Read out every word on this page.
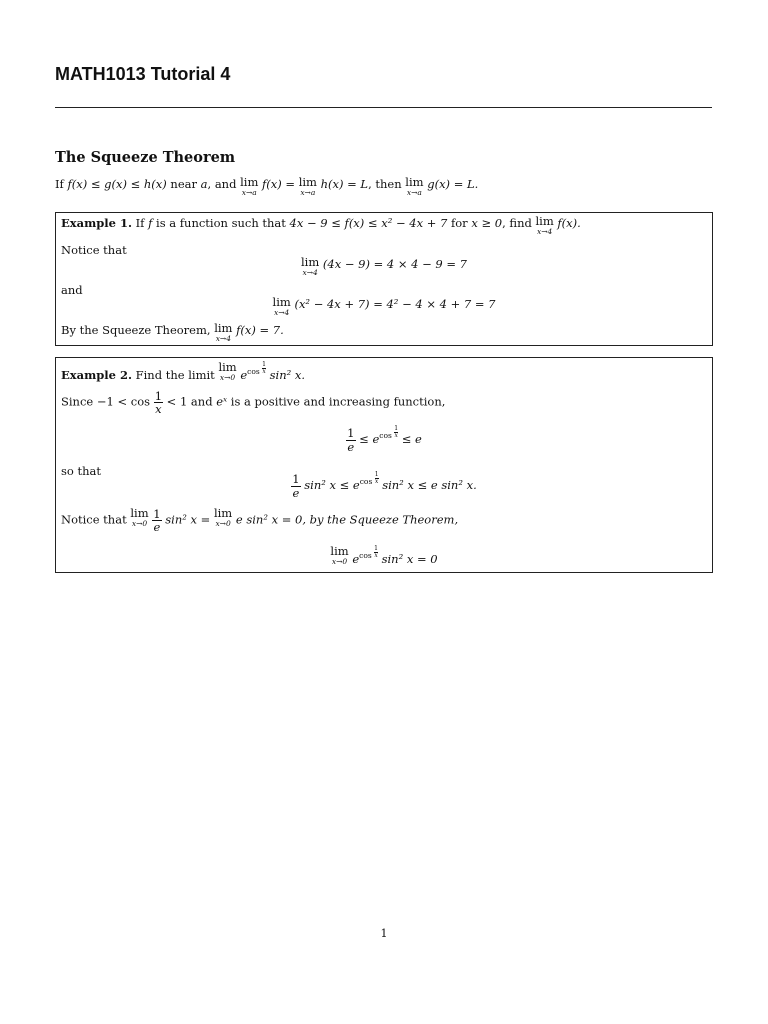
MATH1013 Tutorial 4
The Squeeze Theorem
If f(x) ≤ g(x) ≤ h(x) near a, and lim
x→a
f(x) = lim
x→a
h(x) = L, then lim
x→a
g(x) = L.
Example 1. If f is a function such that 4x − 9 ≤ f(x) ≤ x² − 4x + 7 for x ≥ 0, find lim
x→4
f(x).
Notice that
lim
x→4
(4x − 9) = 4 × 4 − 9 = 7
and
lim
x→4
(x² − 4x + 7) = 4² − 4 × 4 + 7 = 7
By the Squeeze Theorem, lim
x→4
f(x) = 7.
Example 2. Find the limit
lim
x→0 $e^{cos \frac{1}{x}}$ sin² x.
Since $-1 < \cos \frac{1}{x} < 1$ and eˣ is a positive and increasing function,
$\frac{1}{e} \le e^{cos \frac{1}{x}} \le e$
so that
$\frac{1}{e} \sin^2$ $x \le e^{cos \frac{1}{x}}$ sin² x ≤ e sin² x.
Notice that lim
x→0
$\frac{1}{e} \sin^2$ x = lim
x→0 e sin² x = 0, by the Squeeze Theorem,
lim
x→0 $e^{cos \frac{1}{x}}$ sin² x = 0
1
